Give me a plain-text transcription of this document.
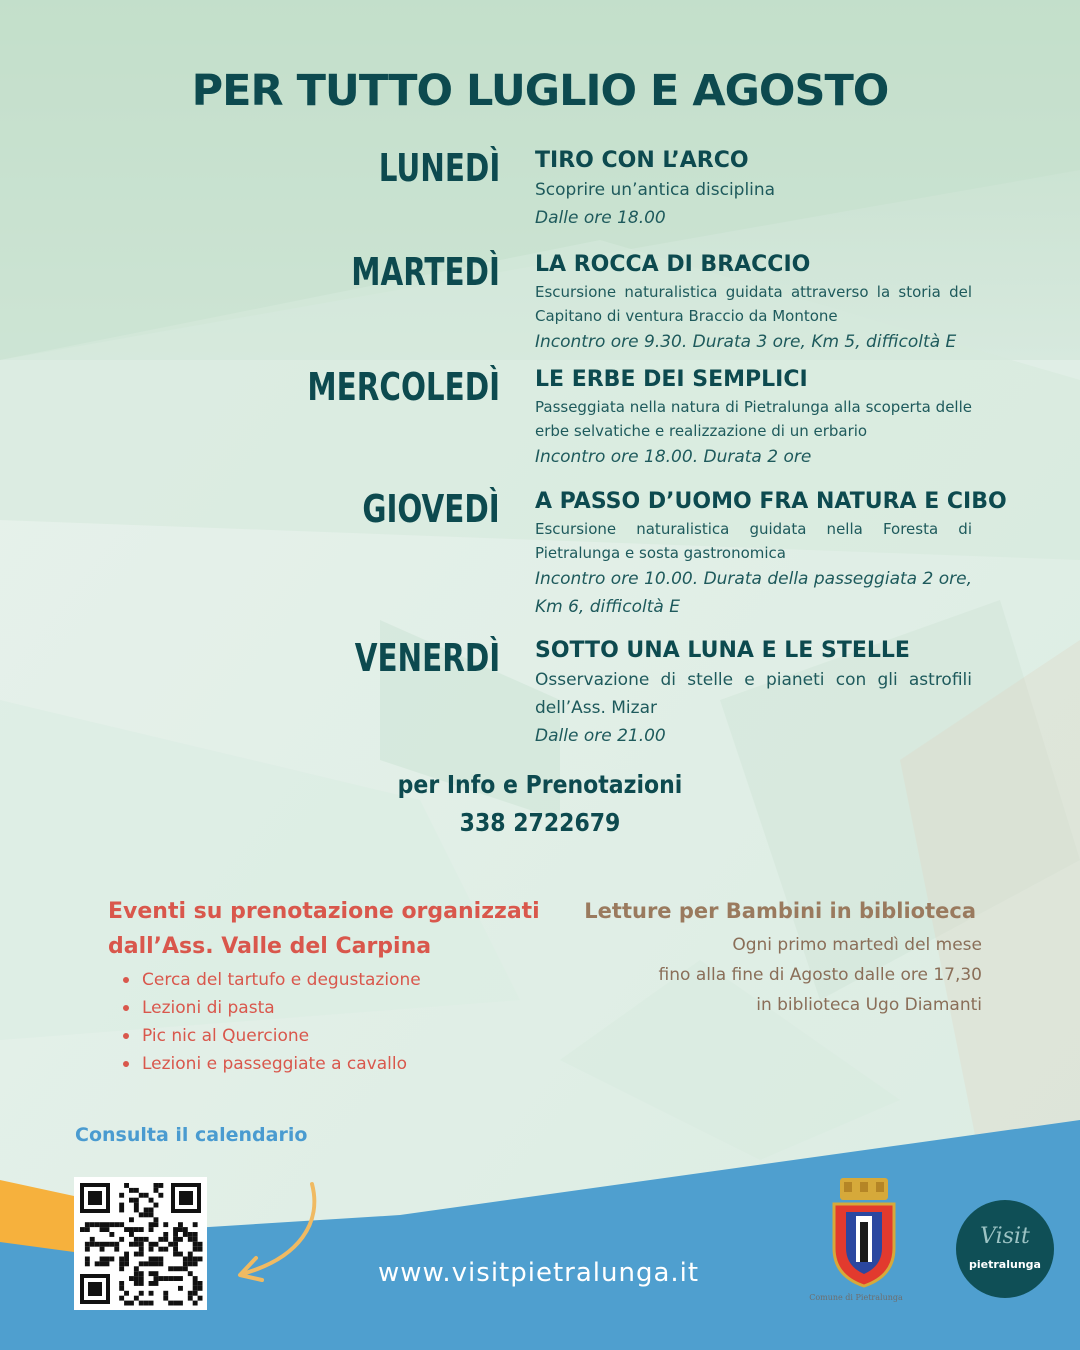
PER TUTTO LUGLIO E AGOSTO
LUNEDÌ TIRO CON L’ARCO
Scoprire un’antica disciplina
Dalle ore 18.00
MARTEDÌ LA ROCCA DI BRACCIO
Escursione naturalistica guidata attraverso la storia del Capitano di ventura Braccio da Montone
Incontro ore 9.30. Durata 3 ore, Km 5, difficoltà E
MERCOLEDÌ LE ERBE DEI SEMPLICI
Passeggiata nella natura di Pietralunga alla scoperta delle erbe selvatiche e realizzazione di un erbario
Incontro ore 18.00. Durata 2 ore
GIOVEDÌ A PASSO D’UOMO FRA NATURA E CIBO
Escursione naturalistica guidata nella Foresta di Pietralunga e sosta gastronomica
Incontro ore 10.00. Durata della passeggiata 2 ore, Km 6, difficoltà E
VENERDÌ SOTTO UNA LUNA E LE STELLE
Osservazione di stelle e pianeti con gli astrofili dell’Ass. Mizar
Dalle ore 21.00
per Info e Prenotazioni
338 2722679
Eventi su prenotazione organizzati dall’Ass. Valle del Carpina
Cerca del tartufo e degustazione
Lezioni di pasta
Pic nic al Quercione
Lezioni e passeggiate a cavallo
Letture per Bambini in biblioteca
Ogni primo martedì del mese
fino alla fine di Agosto dalle ore 17,30
in biblioteca Ugo Diamanti
Consulta il calendario
www.visitpietralunga.it
Comune di Pietralunga
Visit
pietralunga
